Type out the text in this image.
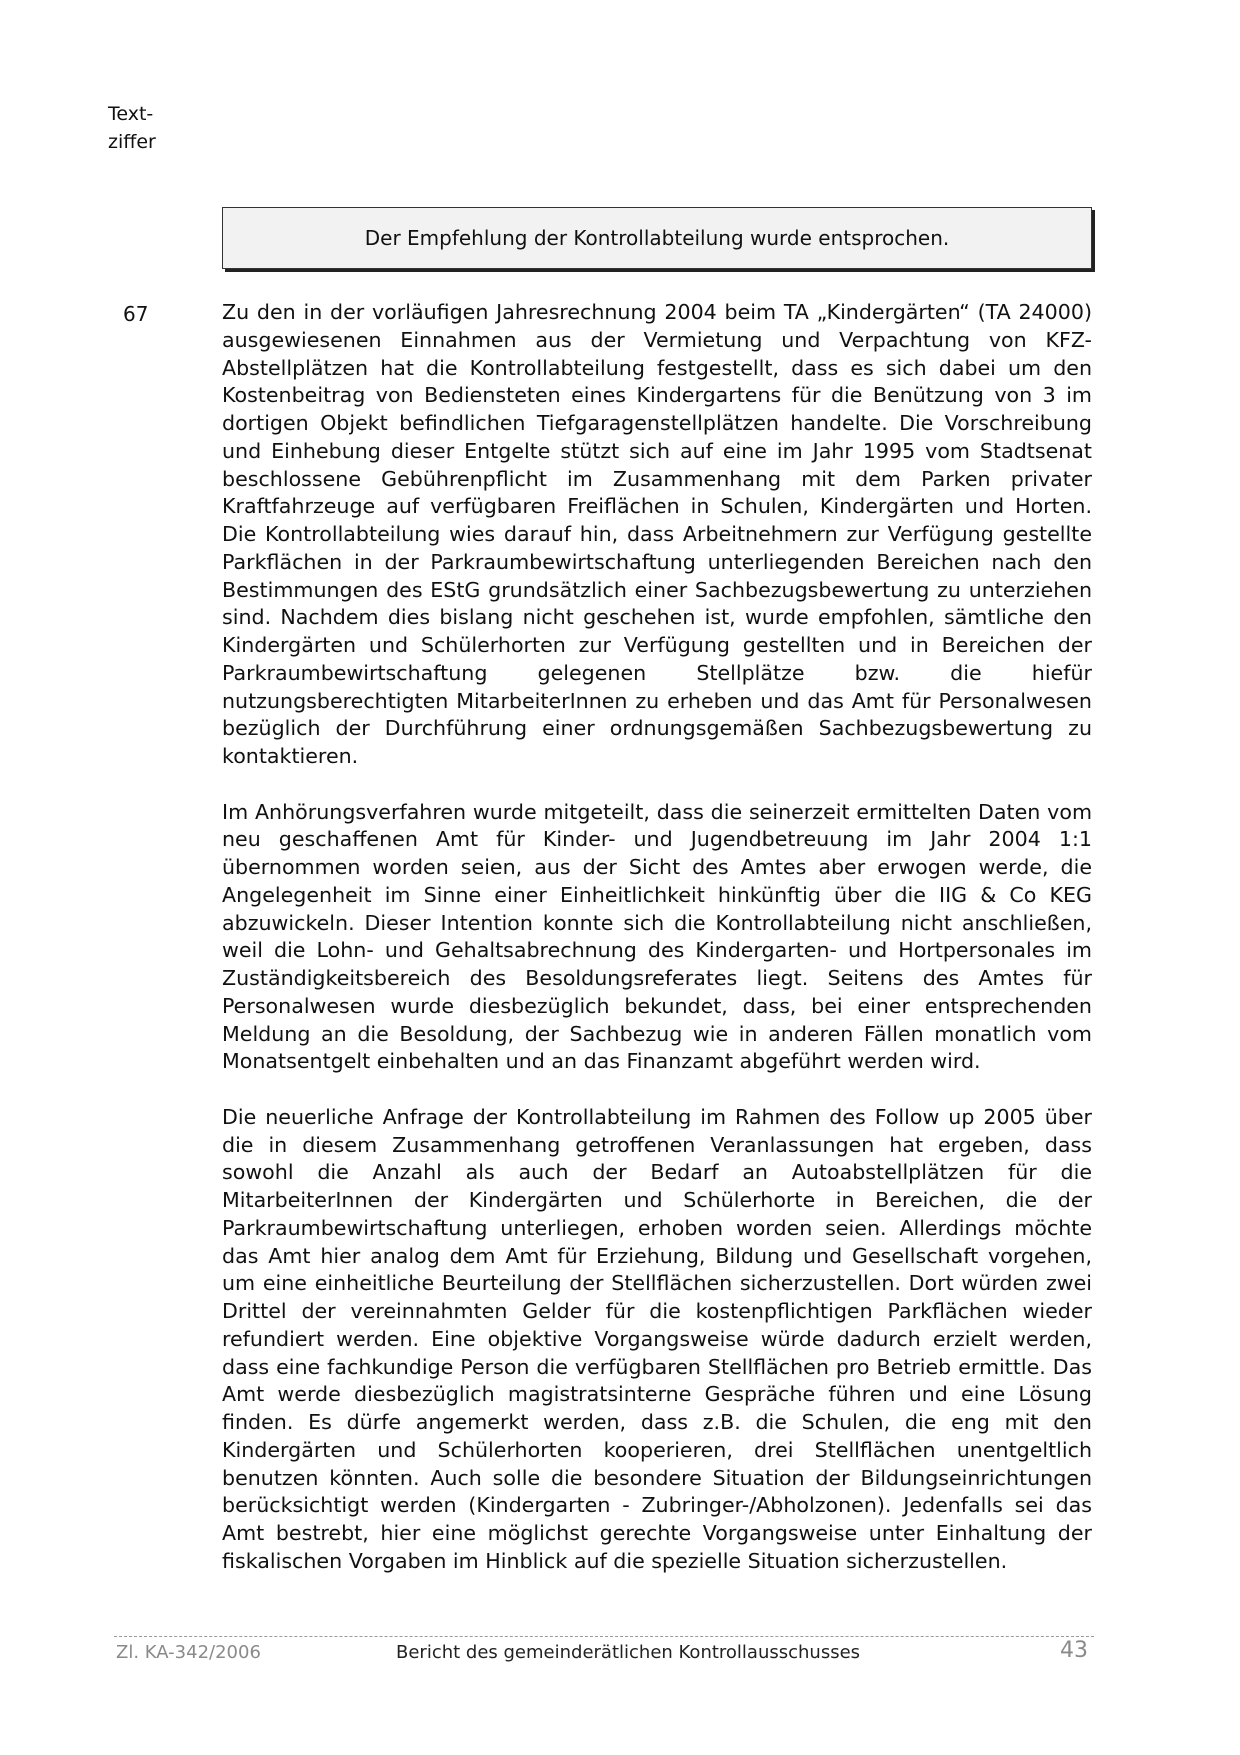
Text-
ziffer
Der Empfehlung der Kontrollabteilung wurde entsprochen.
67	Zu den in der vorläufigen Jahresrechnung 2004 beim TA „Kindergärten“ (TA 24000) ausgewiesenen Einnahmen aus der Vermietung und Verpachtung von KFZ-Abstellplätzen hat die Kontrollabteilung festgestellt, dass es sich dabei um den Kostenbeitrag von Bediensteten eines Kindergartens für die Benützung von 3 im dortigen Objekt befindlichen Tiefgaragenstellplätzen handelte. Die Vorschreibung und Einhebung dieser Entgelte stützt sich auf eine im Jahr 1995 vom Stadtsenat beschlossene Gebührenpflicht im Zusammenhang mit dem Parken privater Kraftfahrzeuge auf verfügbaren Freiflächen in Schulen, Kindergärten und Horten. Die Kontrollabteilung wies darauf hin, dass Arbeitnehmern zur Verfügung gestellte Parkflächen in der Parkraumbewirtschaftung unterliegenden Bereichen nach den Bestimmungen des EStG grundsätzlich einer Sachbezugsbewertung zu unterziehen sind. Nachdem dies bislang nicht geschehen ist, wurde empfohlen, sämtliche den Kindergärten und Schülerhorten zur Verfügung gestellten und in Bereichen der Parkraumbewirtschaftung gelegenen Stellplätze bzw. die hiefür nutzungsberechtigten MitarbeiterInnen zu erheben und das Amt für Personalwesen bezüglich der Durchführung einer ordnungsgemäßen Sachbezugsbewertung zu kontaktieren.

Im Anhörungsverfahren wurde mitgeteilt, dass die seinerzeit ermittelten Daten vom neu geschaffenen Amt für Kinder- und Jugendbetreuung im Jahr 2004 1:1 übernommen worden seien, aus der Sicht des Amtes aber erwogen werde, die Angelegenheit im Sinne einer Einheitlichkeit hinkünftig über die IIG & Co KEG abzuwickeln. Dieser Intention konnte sich die Kontrollabteilung nicht anschließen, weil die Lohn- und Gehaltsabrechnung des Kindergarten- und Hortpersonales im Zuständigkeitsbereich des Besoldungsreferates liegt. Seitens des Amtes für Personalwesen wurde diesbezüglich bekundet, dass, bei einer entsprechenden Meldung an die Besoldung, der Sachbezug wie in anderen Fällen monatlich vom Monatsentgelt einbehalten und an das Finanzamt abgeführt werden wird.

Die neuerliche Anfrage der Kontrollabteilung im Rahmen des Follow up 2005 über die in diesem Zusammenhang getroffenen Veranlassungen hat ergeben, dass sowohl die Anzahl als auch der Bedarf an Autoabstellplätzen für die MitarbeiterInnen der Kindergärten und Schülerhorte in Bereichen, die der Parkraumbewirtschaftung unterliegen, erhoben worden seien. Allerdings möchte das Amt hier analog dem Amt für Erziehung, Bildung und Gesellschaft vorgehen, um eine einheitliche Beurteilung der Stellflächen sicherzustellen. Dort würden zwei Drittel der vereinnahmten Gelder für die kostenpflichtigen Parkflächen wieder refundiert werden. Eine objektive Vorgangsweise würde dadurch erzielt werden, dass eine fachkundige Person die verfügbaren Stellflächen pro Betrieb ermittle. Das Amt werde diesbezüglich magistratsinterne Gespräche führen und eine Lösung finden. Es dürfe angemerkt werden, dass z.B. die Schulen, die eng mit den Kindergärten und Schülerhorten kooperieren, drei Stellflächen unentgeltlich benutzen könnten. Auch solle die besondere Situation der Bildungseinrichtungen berücksichtigt werden (Kindergarten - Zubringer-/Abholzonen). Jedenfalls sei das Amt bestrebt, hier eine möglichst gerechte Vorgangsweise unter Einhaltung der fiskalischen Vorgaben im Hinblick auf die spezielle Situation sicherzustellen.

Zl. KA-342/2006	Bericht des gemeinderätlichen Kontrollausschusses	43
